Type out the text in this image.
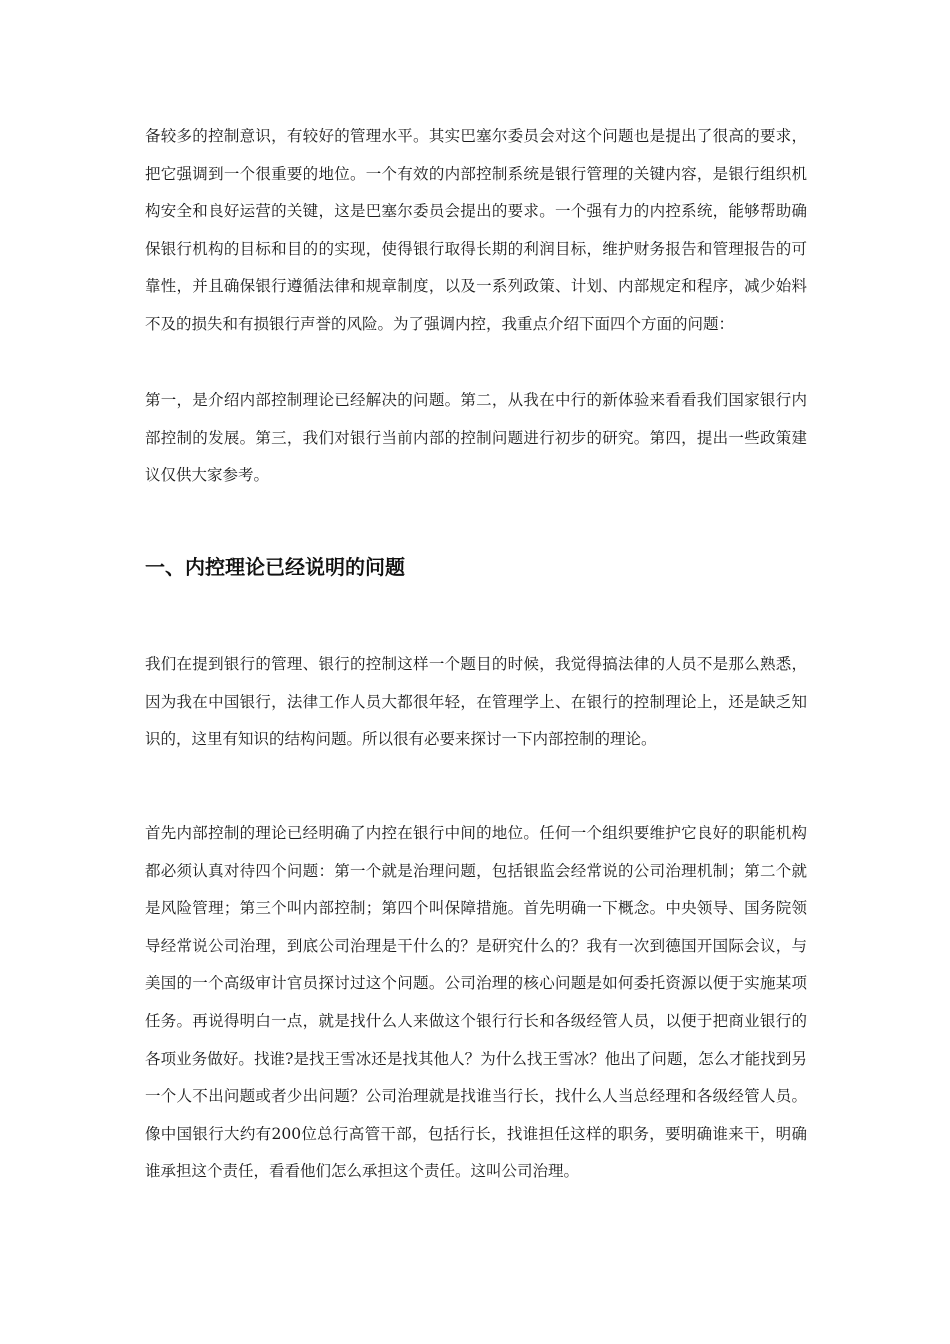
备较多的控制意识，有较好的管理水平。其实巴塞尔委员会对这个问题也是提出了很高的要求，把它强调到一个很重要的地位。一个有效的内部控制系统是银行管理的关键内容，是银行组织机构安全和良好运营的关键，这是巴塞尔委员会提出的要求。一个强有力的内控系统，能够帮助确保银行机构的目标和目的的实现，使得银行取得长期的利润目标，维护财务报告和管理报告的可靠性，并且确保银行遵循法律和规章制度，以及一系列政策、计划、内部规定和程序，减少始料不及的损失和有损银行声誉的风险。为了强调内控，我重点介绍下面四个方面的问题：

第一，是介绍内部控制理论已经解决的问题。第二，从我在中行的新体验来看看我们国家银行内部控制的发展。第三，我们对银行当前内部的控制问题进行初步的研究。第四，提出一些政策建议仅供大家参考。

一、内控理论已经说明的问题

我们在提到银行的管理、银行的控制这样一个题目的时候，我觉得搞法律的人员不是那么熟悉，因为我在中国银行，法律工作人员大都很年轻，在管理学上、在银行的控制理论上，还是缺乏知识的，这里有知识的结构问题。所以很有必要来探讨一下内部控制的理论。

首先内部控制的理论已经明确了内控在银行中间的地位。任何一个组织要维护它良好的职能机构都必须认真对待四个问题：第一个就是治理问题，包括银监会经常说的公司治理机制；第二个就是风险管理；第三个叫内部控制；第四个叫保障措施。首先明确一下概念。中央领导、国务院领导经常说公司治理，到底公司治理是干什么的？是研究什么的？我有一次到德国开国际会议，与美国的一个高级审计官员探讨过这个问题。公司治理的核心问题是如何委托资源以便于实施某项任务。再说得明白一点，就是找什么人来做这个银行行长和各级经管人员，以便于把商业银行的各项业务做好。找谁?是找王雪冰还是找其他人？为什么找王雪冰？他出了问题，怎么才能找到另一个人不出问题或者少出问题？公司治理就是找谁当行长，找什么人当总经理和各级经管人员。像中国银行大约有200位总行高管干部，包括行长，找谁担任这样的职务，要明确谁来干，明确谁承担这个责任，看看他们怎么承担这个责任。这叫公司治理。
